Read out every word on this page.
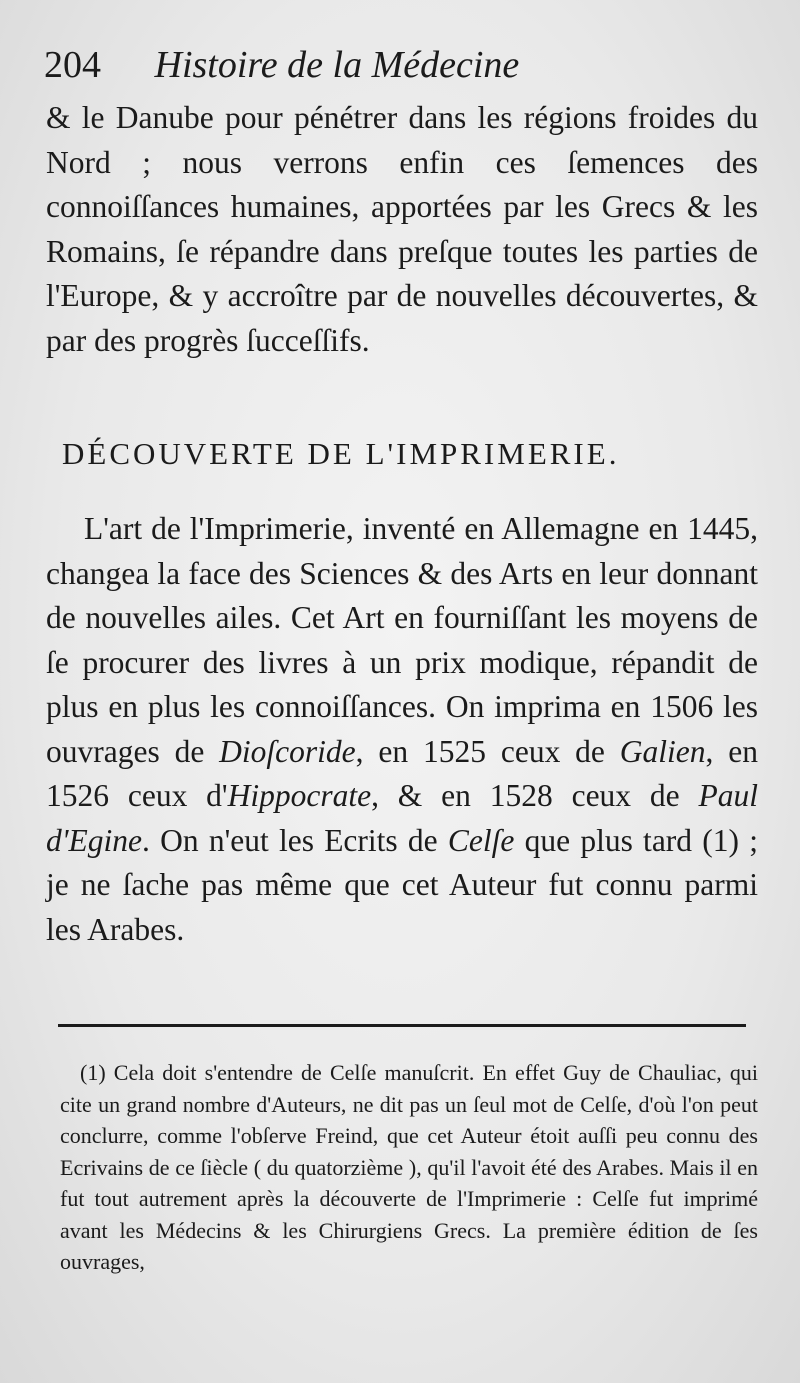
204 Histoire de la Médecine

& le Danube pour pénétrer dans les régions froides du Nord ; nous verrons enfin ces ſemences des connoiſſances humaines, apportées par les Grecs & les Romains, ſe répandre dans preſque toutes les parties de l'Europe, & y accroître par de nouvelles découvertes, & par des progrès ſucceſſifs.

DÉCOUVERTE DE L'IMPRIMERIE.

L'art de l'Imprimerie, inventé en Allemagne en 1445, changea la face des Sciences & des Arts en leur donnant de nouvelles ailes. Cet Art en fourniſſant les moyens de ſe procurer des livres à un prix modique, répandit de plus en plus les connoiſſances. On imprima en 1506 les ouvrages de Dioſcoride, en 1525 ceux de Galien, en 1526 ceux d'Hippocrate, & en 1528 ceux de Paul d'Egine. On n'eut les Ecrits de Celſe que plus tard (1) ; je ne ſache pas même que cet Auteur fut connu parmi les Arabes.

(1) Cela doit s'entendre de Celſe manuſcrit. En effet Guy de Chauliac, qui cite un grand nombre d'Auteurs, ne dit pas un ſeul mot de Celſe, d'où l'on peut conclurre, comme l'obſerve Freind, que cet Auteur étoit auſſi peu connu des Ecrivains de ce ſiècle ( du quatorzième ), qu'il l'avoit été des Arabes. Mais il en fut tout autrement après la découverte de l'Imprimerie : Celſe fut imprimé avant les Médecins & les Chirurgiens Grecs. La première édition de ſes ouvrages,
